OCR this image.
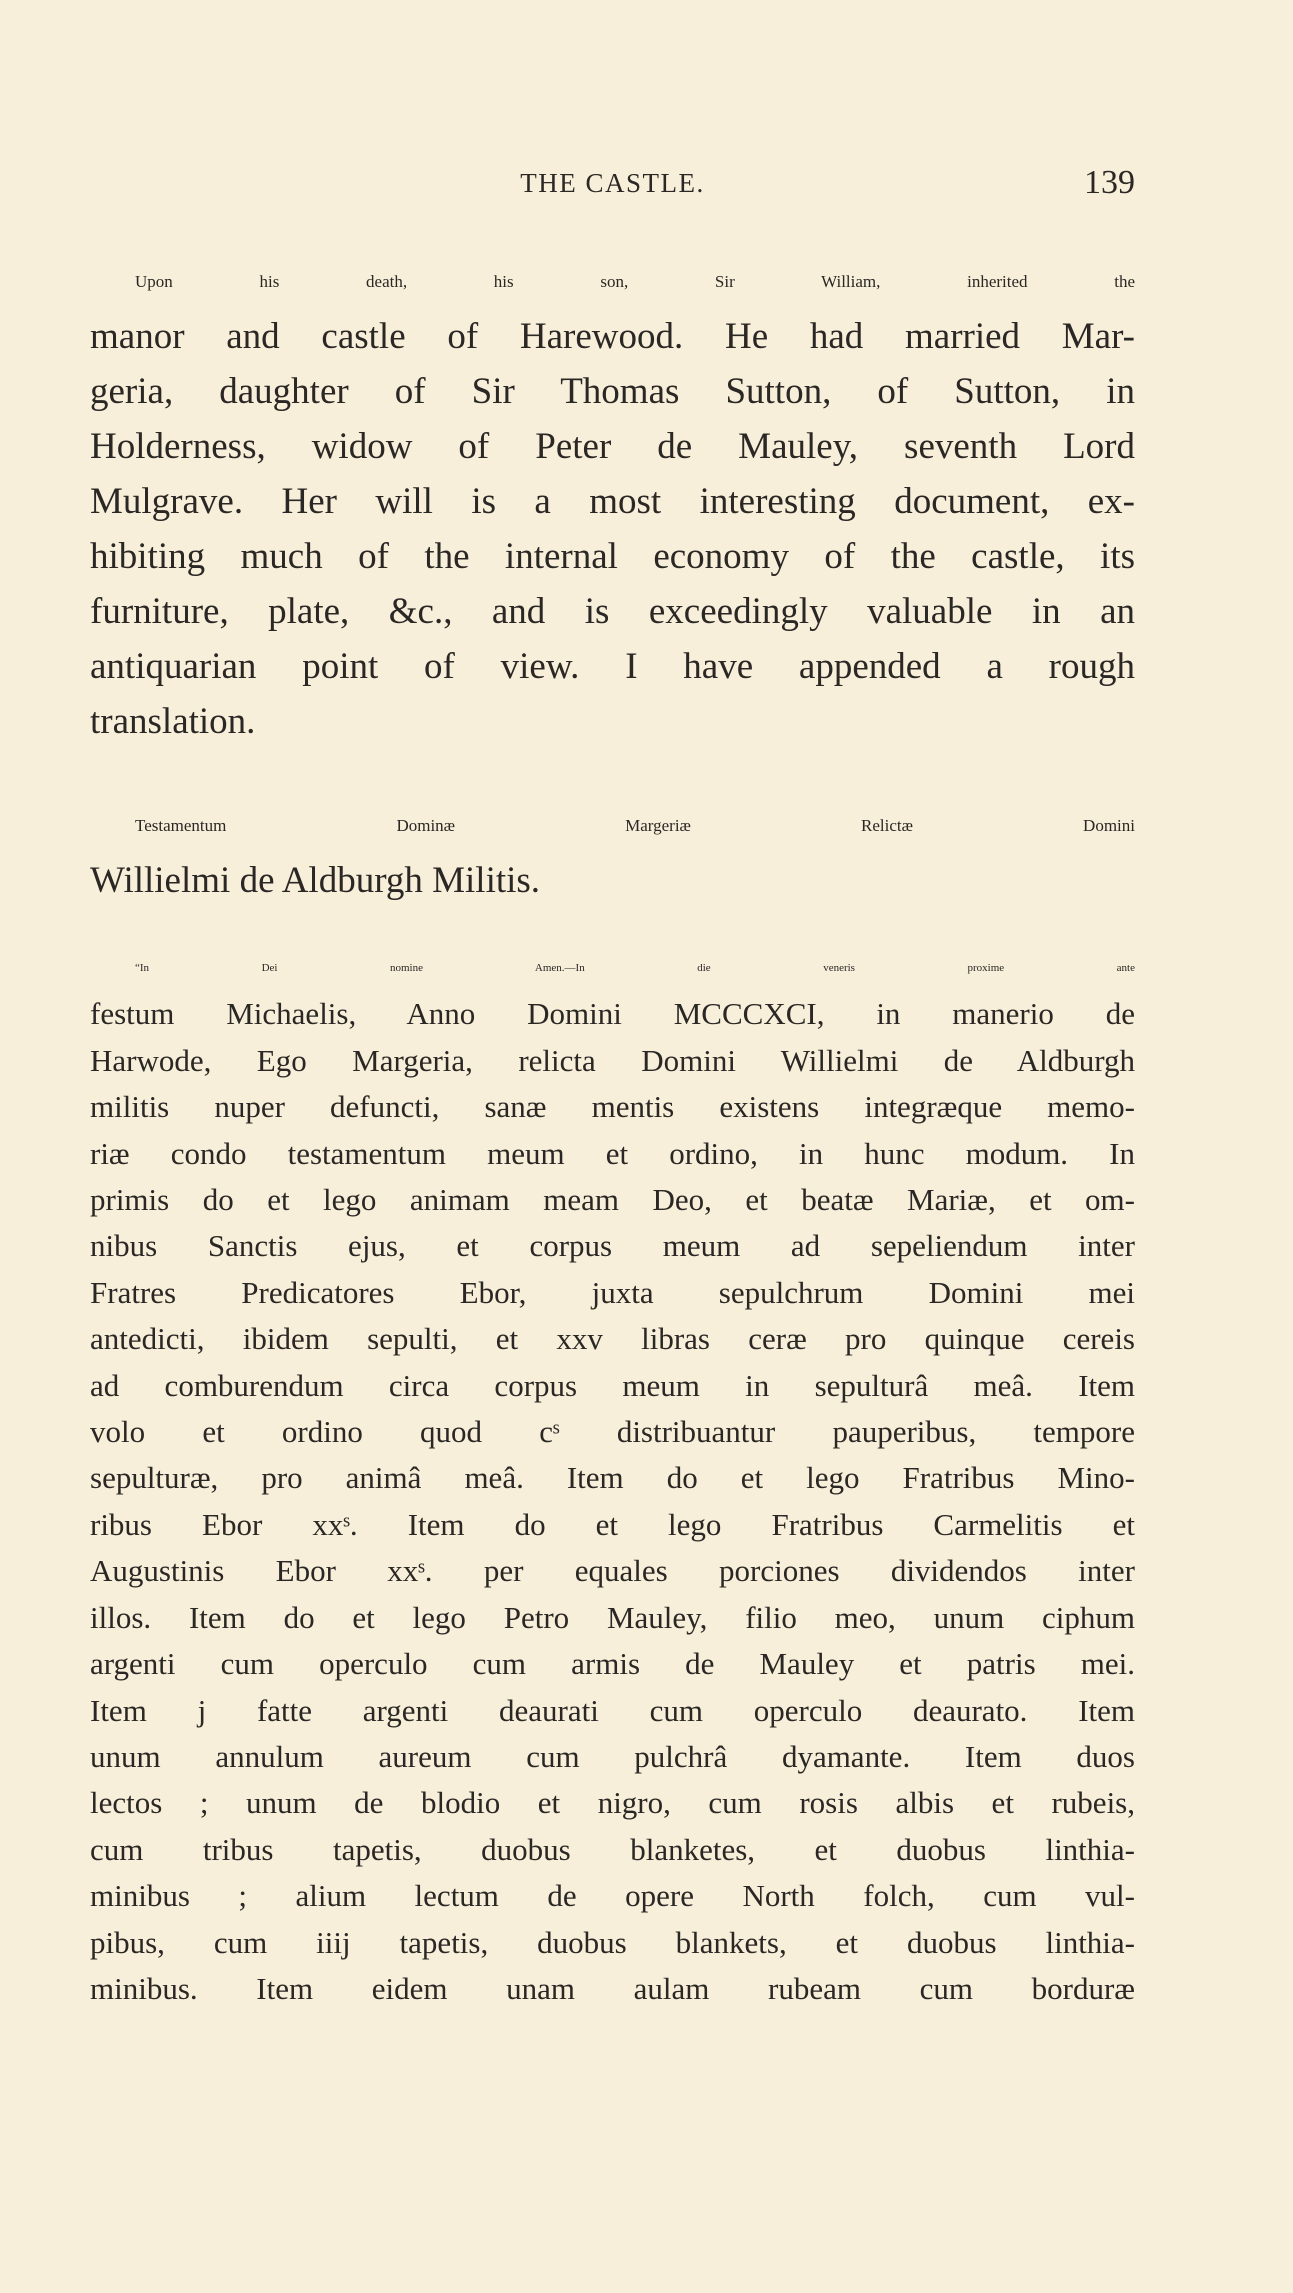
THE CASTLE.	139
Upon his death, his son, Sir William, inherited the
manor and castle of Harewood. He had married Mar-
geria, daughter of Sir Thomas Sutton, of Sutton, in
Holderness, widow of Peter de Mauley, seventh Lord
Mulgrave. Her will is a most interesting document, ex-
hibiting much of the internal economy of the castle, its
furniture, plate, &c., and is exceedingly valuable in an
antiquarian point of view. I have appended a rough
translation.
Testamentum Dominæ Margeriæ Relictæ Domini
Willielmi de Aldburgh Militis.
“In Dei nomine Amen.—In die veneris proxime ante
festum Michaelis, Anno Domini MCCCXCI, in manerio de
Harwode, Ego Margeria, relicta Domini Willielmi de Aldburgh
militis nuper defuncti, sanæ mentis existens integræque memo-
riæ condo testamentum meum et ordino, in hunc modum. In
primis do et lego animam meam Deo, et beatæ Mariæ, et om-
nibus Sanctis ejus, et corpus meum ad sepeliendum inter
Fratres Predicatores Ebor, juxta sepulchrum Domini mei
antedicti, ibidem sepulti, et xxv libras ceræ pro quinque cereis
ad comburendum circa corpus meum in sepulturâ meâ. Item
volo et ordino quod cˢ distribuantur pauperibus, tempore
sepulturæ, pro animâ meâ. Item do et lego Fratribus Mino-
ribus Ebor xxˢ. Item do et lego Fratribus Carmelitis et
Augustinis Ebor xxˢ. per equales porciones dividendos inter
illos. Item do et lego Petro Mauley, filio meo, unum ciphum
argenti cum operculo cum armis de Mauley et patris mei.
Item j fatte argenti deaurati cum operculo deaurato. Item
unum annulum aureum cum pulchrâ dyamante. Item duos
lectos ; unum de blodio et nigro, cum rosis albis et rubeis,
cum tribus tapetis, duobus blanketes, et duobus linthia-
minibus ; alium lectum de opere North folch, cum vul-
pibus, cum iiij tapetis, duobus blankets, et duobus linthia-
minibus. Item eidem unam aulam rubeam cum borduræ
